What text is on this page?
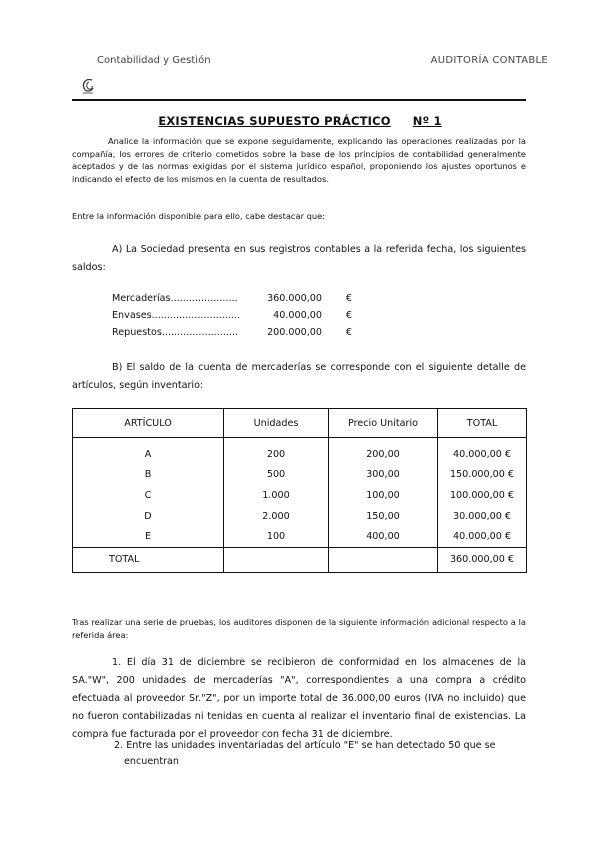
Contabilidad y Gestión	AUDITORÍA CONTABLE
EXISTENCIAS SUPUESTO PRÁCTICO Nº 1
Analice la información que se expone seguidamente, explicando las operaciones realizadas por la compañía, los errores de criterio cometidos sobre la base de los principios de contabilidad generalmente aceptados y de las normas exigidas por el sistema jurídico español, proponiendo los ajustes oportunos e indicando el efecto de los mismos en la cuenta de resultados.
Entre la información disponible para ello, cabe destacar que:
A) La Sociedad presenta en sus registros contables a la referida fecha, los siguientes saldos:
Mercaderías......................	360.000,00 €
Envases.............................	40.000,00 €
Repuestos.........................	200.000,00 €
B) El saldo de la cuenta de mercaderías se corresponde con el siguiente detalle de artículos, según inventario:
ARTÍCULO	Unidades	Precio Unitario	TOTAL
A	200	200,00	40.000,00 €
B	500	300,00	150.000,00 €
C	1.000	100,00	100.000,00 €
D	2.000	150,00	30.000,00 €
E	100	400,00	40.000,00 €
TOTAL			360.000,00 €
Tras realizar una serie de pruebas, los auditores disponen de la siguiente información adicional respecto a la referida área:
1. El día 31 de diciembre se recibieron de conformidad en los almacenes de la SA."W", 200 unidades de mercaderías "A", correspondientes a una compra a crédito efectuada al proveedor Sr."Z", por un importe total de 36.000,00 euros (IVA no incluido) que no fueron contabilizadas ni tenidas en cuenta al realizar el inventario final de existencias. La compra fue facturada por el proveedor con fecha 31 de diciembre.
2. Entre las unidades inventariadas del artículo "E" se han detectado 50 que se
encuentran
